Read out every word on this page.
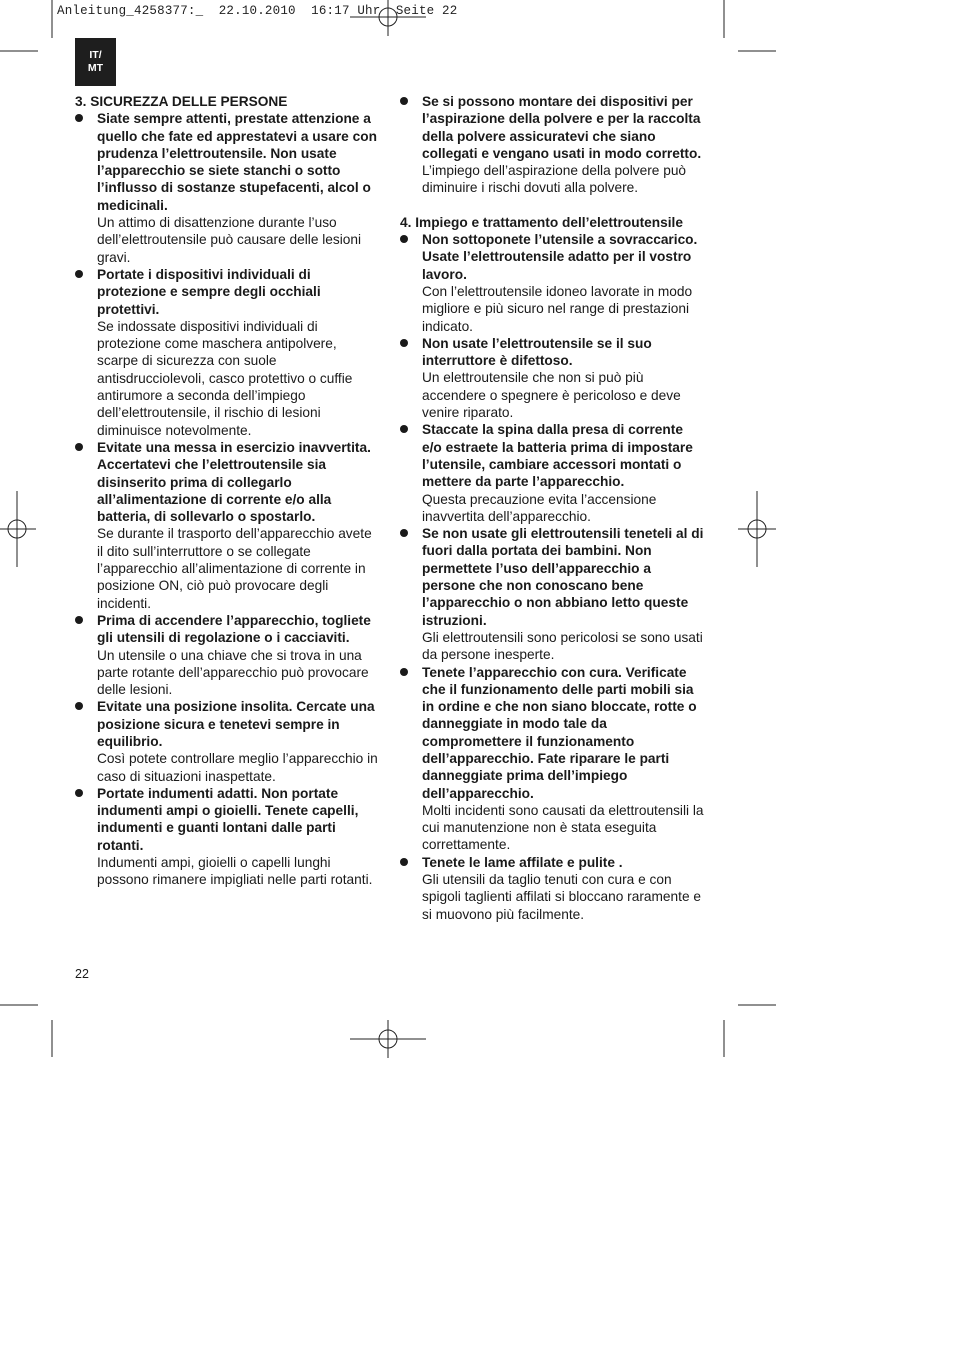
Anleitung_4258377:_  22.10.2010  16:17 Uhr  Seite 22
IT/
MT
3. SICUREZZA DELLE PERSONE
Siate sempre attenti, prestate attenzione a quello che fate ed apprestatevi a usare con prudenza l’elettroutensile. Non usate l’apparecchio se siete stanchi o sotto l’influsso di sostanze stupefacenti, alcol o medicinali.
Un attimo di disattenzione durante l’uso dell’elettroutensile può causare delle lesioni gravi.
Portate i dispositivi individuali di protezione e sempre degli occhiali protettivi.
Se indossate dispositivi individuali di protezione come maschera antipolvere, scarpe di sicurezza con suole antisdrucciolevoli, casco protettivo o cuffie antirumore a seconda dell’impiego dell’elettroutensile, il rischio di lesioni diminuisce notevolmente.
Evitate una messa in esercizio inavvertita. Accertatevi che l’elettroutensile sia disinserito prima di collegarlo all’alimentazione di corrente e/o alla batteria, di sollevarlo o spostarlo.
Se durante il trasporto dell’apparecchio avete il dito sull’interruttore o se collegate l’apparecchio all’alimentazione di corrente in posizione ON, ciò può provocare degli incidenti.
Prima di accendere l’apparecchio, togliete gli utensili di regolazione o i cacciaviti.
Un utensile o una chiave che si trova in una parte rotante dell’apparecchio può provocare delle lesioni.
Evitate una posizione insolita. Cercate una posizione sicura e tenetevi sempre in equilibrio.
Così potete controllare meglio l’apparecchio in caso di situazioni inaspettate.
Portate indumenti adatti. Non portate indumenti ampi o gioielli. Tenete capelli, indumenti e guanti lontani dalle parti rotanti.
Indumenti ampi, gioielli o capelli lunghi possono rimanere impigliati nelle parti rotanti.
Se si possono montare dei dispositivi per l’aspirazione della polvere e per la raccolta della polvere assicuratevi che siano collegati e vengano usati in modo corretto.
L’impiego dell’aspirazione della polvere può diminuire i rischi dovuti alla polvere.
4. Impiego e trattamento dell’elettroutensile
Non sottoponete l’utensile a sovraccarico. Usate l’elettroutensile adatto per il vostro lavoro.
Con l’elettroutensile idoneo lavorate in modo migliore e più sicuro nel range di prestazioni indicato.
Non usate l’elettroutensile se il suo interruttore è difettoso.
Un elettroutensile che non si può più accendere o spegnere è pericoloso e deve venire riparato.
Staccate la spina dalla presa di corrente e/o estraete la batteria prima di impostare l’utensile, cambiare accessori montati o mettere da parte l’apparecchio.
Questa precauzione evita l’accensione inavvertita dell’apparecchio.
Se non usate gli elettroutensili teneteli al di fuori dalla portata dei bambini. Non permettete l’uso dell’apparecchio a persone che non conoscano bene l’apparecchio o non abbiano letto queste istruzioni.
Gli elettroutensili sono pericolosi se sono usati da persone inesperte.
Tenete l’apparecchio con cura. Verificate che il funzionamento delle parti mobili sia in ordine e che non siano bloccate, rotte o danneggiate in modo tale da compromettere il funzionamento dell’apparecchio. Fate riparare le parti danneggiate prima dell’impiego dell’apparecchio.
Molti incidenti sono causati da elettroutensili la cui manutenzione non è stata eseguita correttamente.
Tenete le lame affilate e pulite .
Gli utensili da taglio tenuti con cura e con spigoli taglienti affilati si bloccano raramente e si muovono più facilmente.
22
